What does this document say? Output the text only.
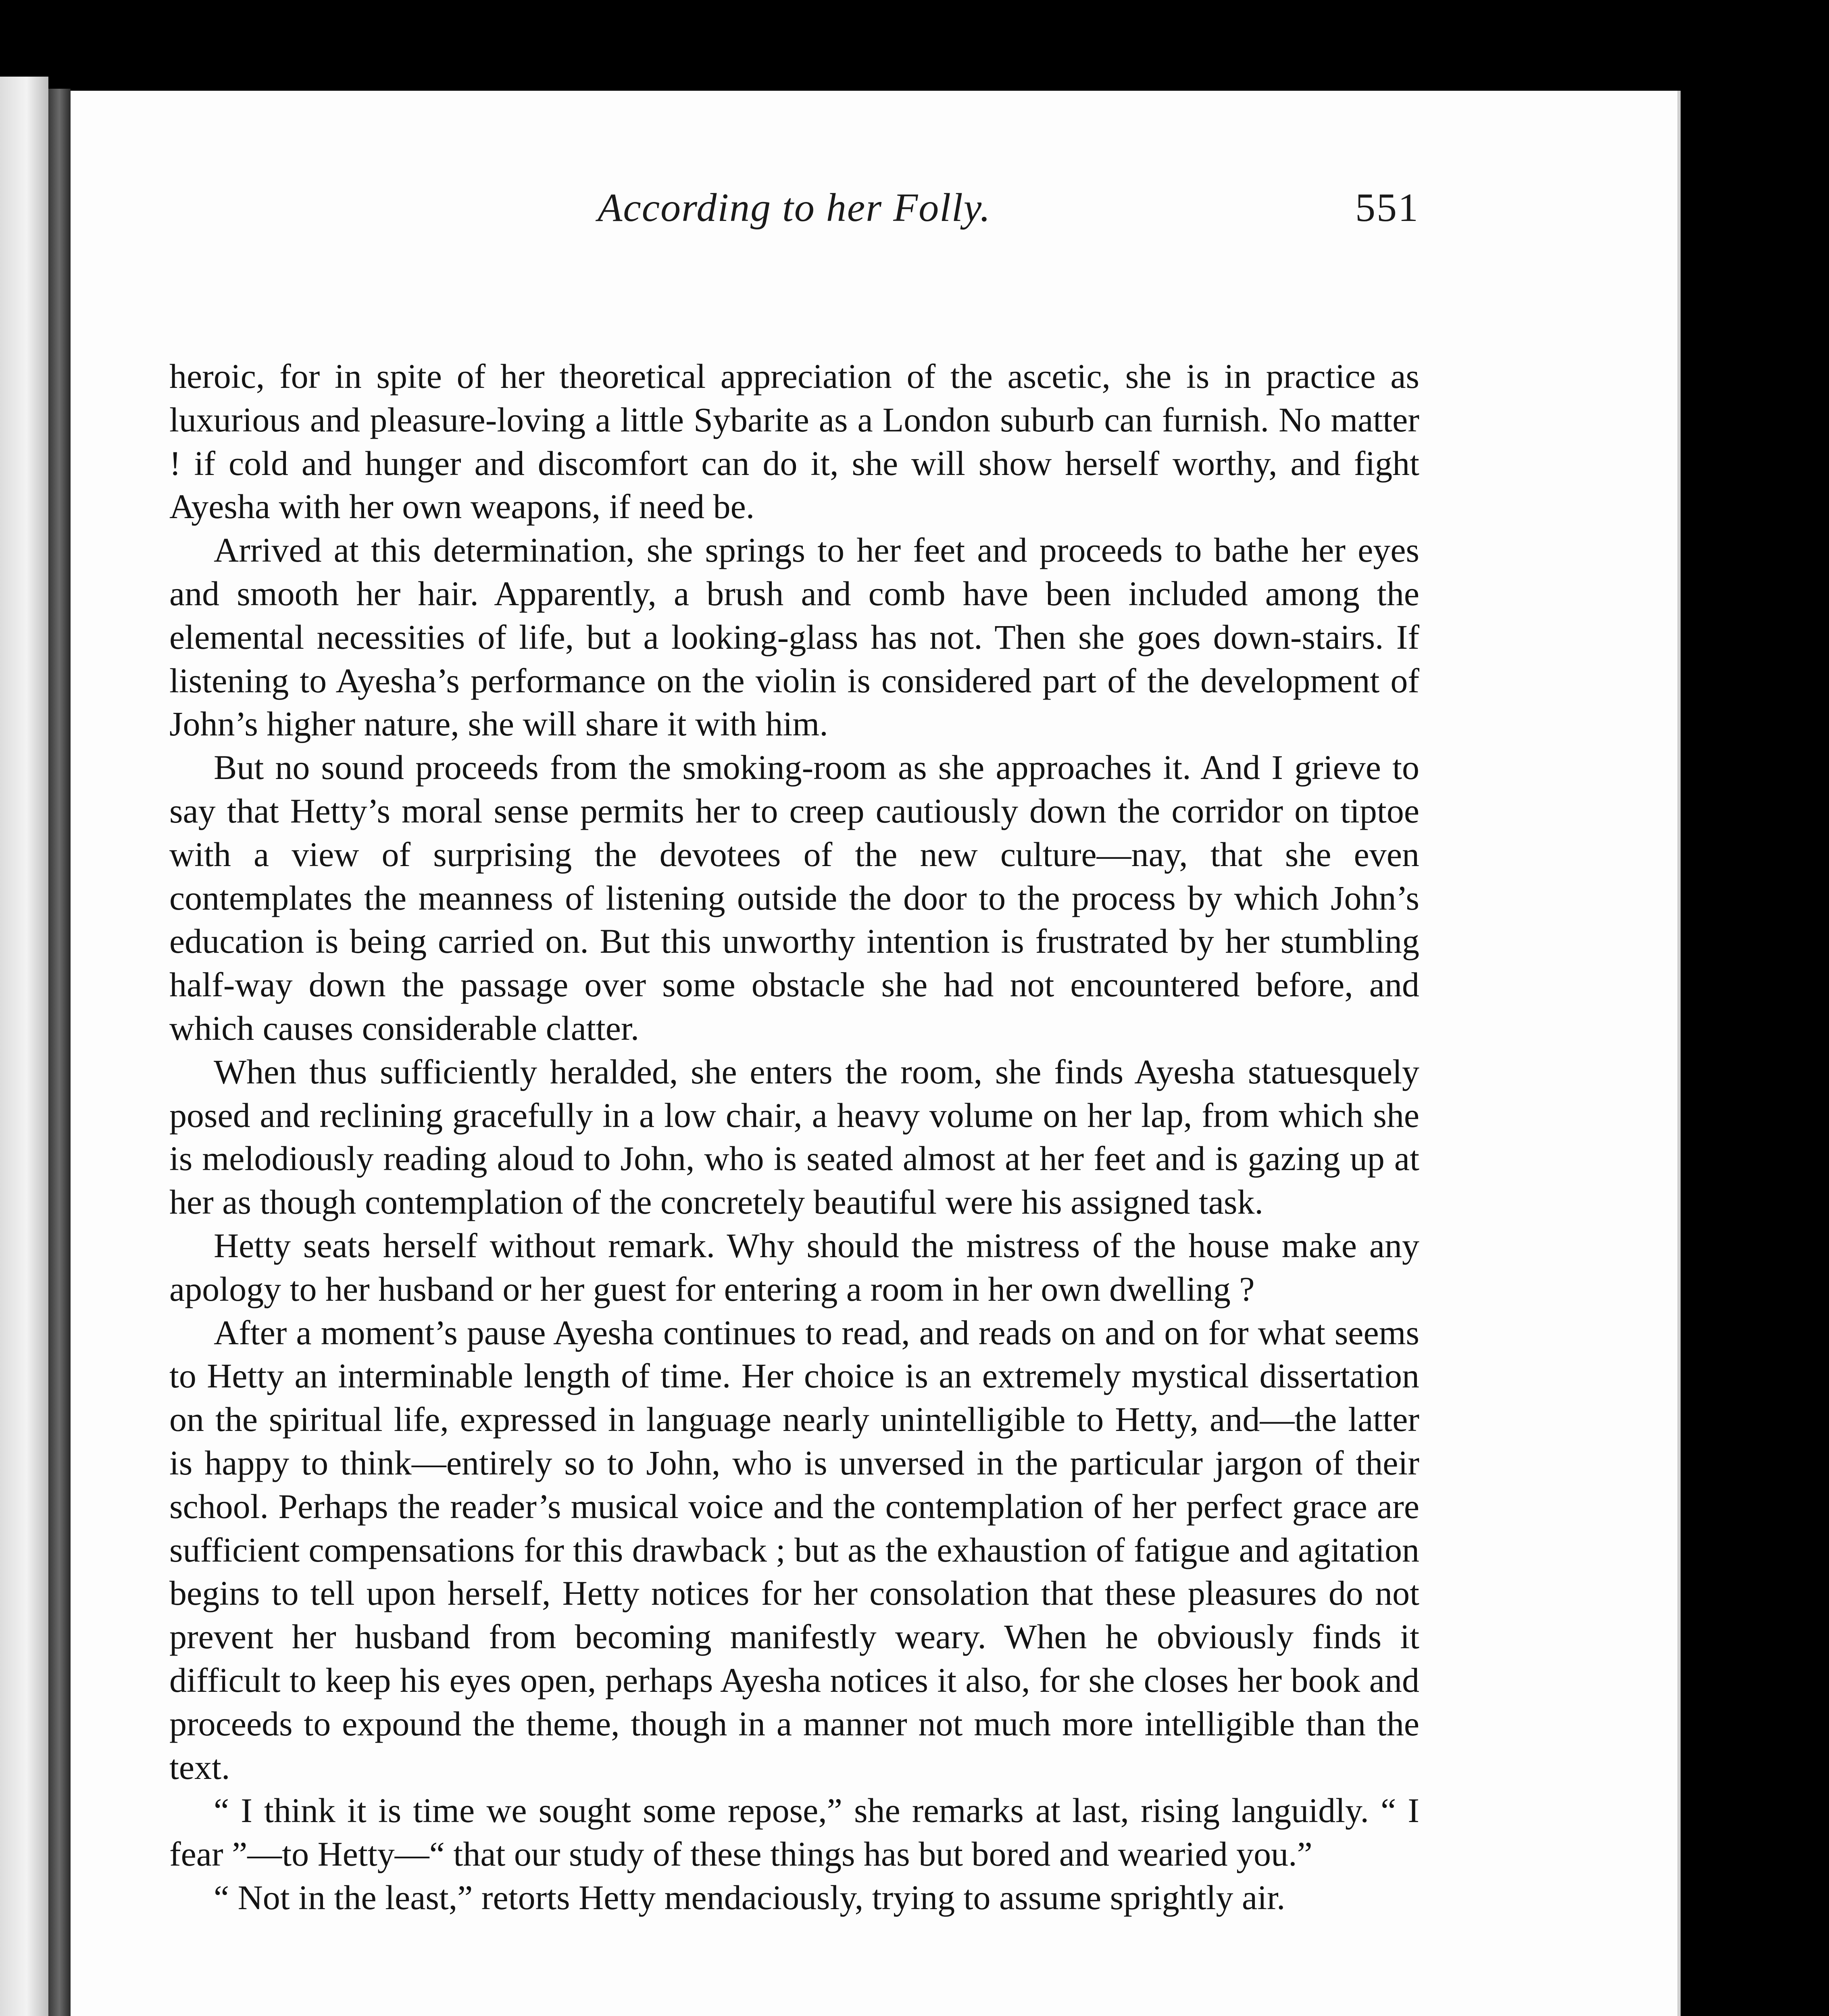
According to her Folly.	551

heroic, for in spite of her theoretical appreciation of the ascetic, she is in practice as luxurious and pleasure-loving a little Sybarite as a London suburb can furnish. No matter ! if cold and hunger and discomfort can do it, she will show herself worthy, and fight Ayesha with her own weapons, if need be.

Arrived at this determination, she springs to her feet and proceeds to bathe her eyes and smooth her hair. Apparently, a brush and comb have been included among the elemental necessities of life, but a looking-glass has not. Then she goes down-stairs. If listening to Ayesha’s performance on the violin is considered part of the development of John’s higher nature, she will share it with him.

But no sound proceeds from the smoking-room as she approaches it. And I grieve to say that Hetty’s moral sense permits her to creep cautiously down the corridor on tiptoe with a view of surprising the devotees of the new culture—nay, that she even contemplates the meanness of listening outside the door to the process by which John’s education is being carried on. But this unworthy intention is frustrated by her stumbling half-way down the passage over some obstacle she had not encountered before, and which causes considerable clatter.

When thus sufficiently heralded, she enters the room, she finds Ayesha statuesquely posed and reclining gracefully in a low chair, a heavy volume on her lap, from which she is melodiously reading aloud to John, who is seated almost at her feet and is gazing up at her as though contemplation of the concretely beautiful were his assigned task.

Hetty seats herself without remark. Why should the mistress of the house make any apology to her husband or her guest for entering a room in her own dwelling ?

After a moment’s pause Ayesha continues to read, and reads on and on for what seems to Hetty an interminable length of time. Her choice is an extremely mystical dissertation on the spiritual life, expressed in language nearly unintelligible to Hetty, and—the latter is happy to think—entirely so to John, who is unversed in the particular jargon of their school. Perhaps the reader’s musical voice and the contemplation of her perfect grace are sufficient compensations for this drawback ; but as the exhaustion of fatigue and agitation begins to tell upon herself, Hetty notices for her consolation that these pleasures do not prevent her husband from becoming manifestly weary. When he obviously finds it difficult to keep his eyes open, perhaps Ayesha notices it also, for she closes her book and proceeds to expound the theme, though in a manner not much more intelligible than the text.

“ I think it is time we sought some repose,” she remarks at last, rising languidly. “ I fear ”—to Hetty—“ that our study of these things has but bored and wearied you.”

“ Not in the least,” retorts Hetty mendaciously, trying to assume sprightly air.
